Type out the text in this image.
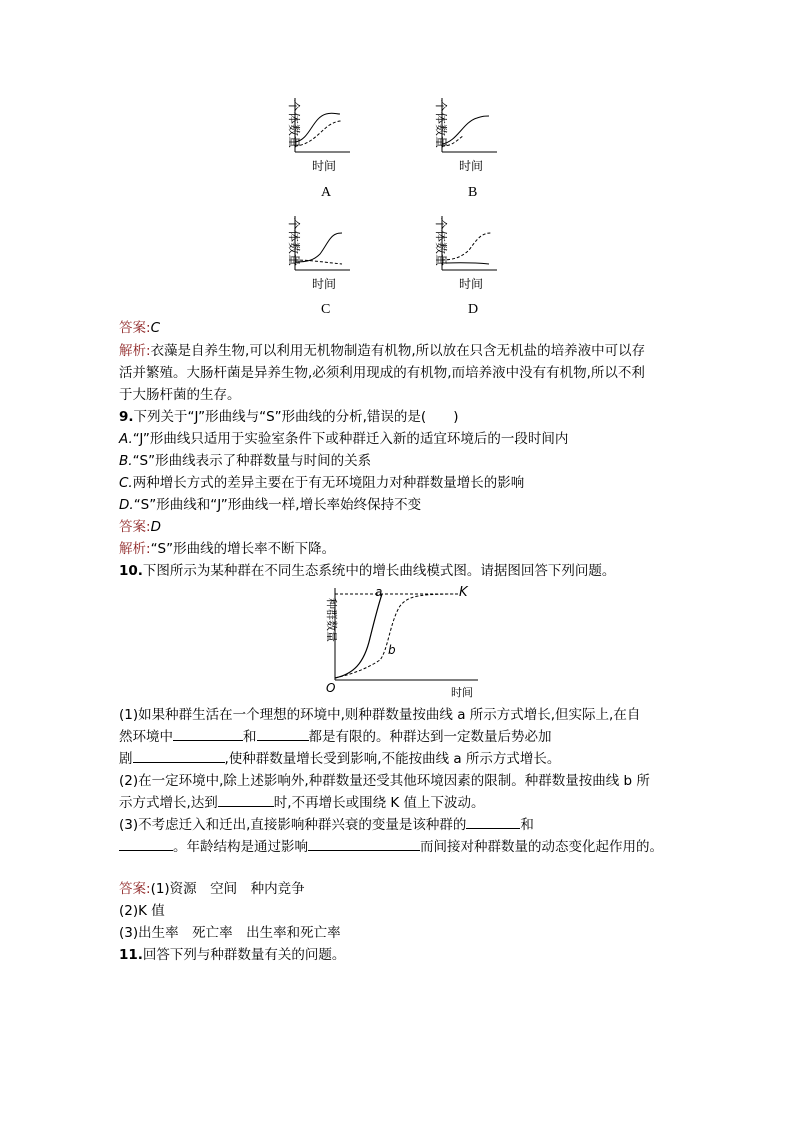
个体数量
时间
A
个体数量
时间
B
个体数量
时间
C
个体数量
时间
D
答案:C
解析:衣藻是自养生物,可以利用无机物制造有机物,所以放在只含无机盐的培养液中可以存
活并繁殖。大肠杆菌是异养生物,必须利用现成的有机物,而培养液中没有有机物,所以不利
于大肠杆菌的生存。
9.下列关于“J”形曲线与“S”形曲线的分析,错误的是(　　)
A.“J”形曲线只适用于实验室条件下或种群迁入新的适宜环境后的一段时间内
B.“S”形曲线表示了种群数量与时间的关系
C.两种增长方式的差异主要在于有无环境阻力对种群数量增长的影响
D.“S”形曲线和“J”形曲线一样,增长率始终保持不变
答案:D
解析:“S”形曲线的增长率不断下降。
10.下图所示为某种群在不同生态系统中的增长曲线模式图。请据图回答下列问题。
种群数量
a	K
b
O	时间
(1)如果种群生活在一个理想的环境中,则种群数量按曲线 a 所示方式增长,但实际上,在自
然环境中	和	都是有限的。种群达到一定数量后势必加
剧	,使种群数量增长受到影响,不能按曲线 a 所示方式增长。
(2)在一定环境中,除上述影响外,种群数量还受其他环境因素的限制。种群数量按曲线 b 所
示方式增长,达到	时,不再增长或围绕 K 值上下波动。
(3)不考虑迁入和迁出,直接影响种群兴衰的变量是该种群的	和
。年龄结构是通过影响	而间接对种群数量的动态变化起作用的。
答案:(1)资源　空间　种内竞争
(2)K 值
(3)出生率　死亡率　出生率和死亡率
11.回答下列与种群数量有关的问题。
